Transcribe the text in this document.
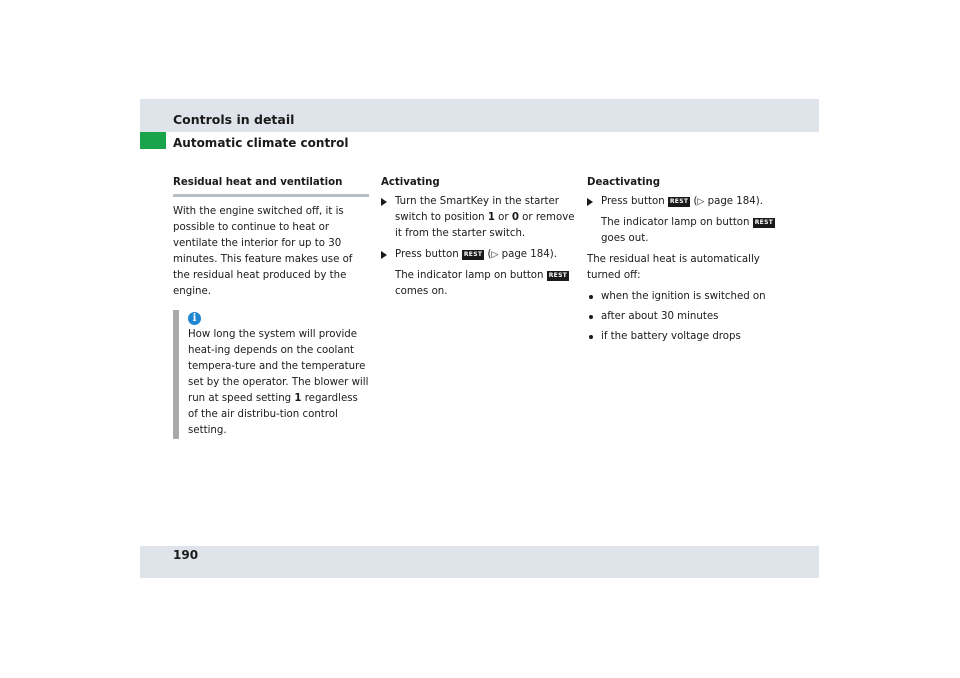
Controls in detail
Automatic climate control
Residual heat and ventilation

With the engine switched off, it is possible to continue to heat or ventilate the interior for up to 30 minutes. This feature makes use of the residual heat produced by the engine.

i
How long the system will provide heat-ing depends on the coolant tempera-ture and the temperature set by the operator. The blower will run at speed setting 1 regardless of the air distribu-tion control setting.
Activating
Turn the SmartKey in the starter switch to position 1 or 0 or remove it from the starter switch.
Press button REST (▷ page 184).
The indicator lamp on button REST comes on.
Deactivating
Press button REST (▷ page 184).
The indicator lamp on button REST goes out.

The residual heat is automatically turned off:

when the ignition is switched on
after about 30 minutes
if the battery voltage drops
190
